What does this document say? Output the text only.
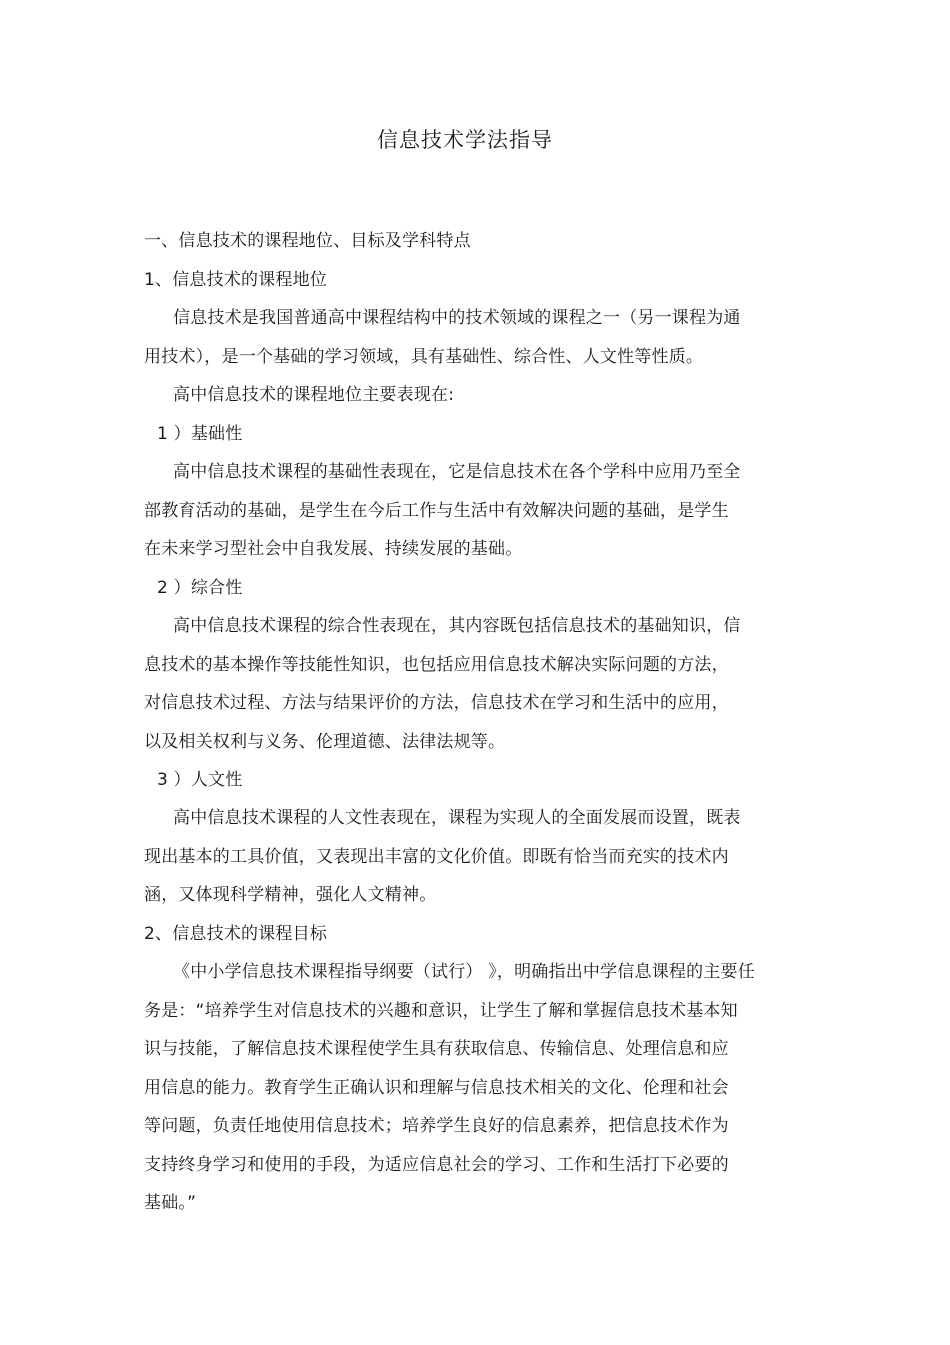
信息技术学法指导
一、信息技术的课程地位、目标及学科特点
1、信息技术的课程地位
信息技术是我国普通高中课程结构中的技术领域的课程之一（另一课程为通
用技术），是一个基础的学习领域，具有基础性、综合性、人文性等性质。
高中信息技术的课程地位主要表现在:
1 ）基础性
高中信息技术课程的基础性表现在，它是信息技术在各个学科中应用乃至全
部教育活动的基础，是学生在今后工作与生活中有效解决问题的基础，是学生
在未来学习型社会中自我发展、持续发展的基础。
2 ）综合性
高中信息技术课程的综合性表现在，其内容既包括信息技术的基础知识，信
息技术的基本操作等技能性知识，也包括应用信息技术解决实际问题的方法，
对信息技术过程、方法与结果评价的方法，信息技术在学习和生活中的应用，
以及相关权利与义务、伦理道德、法律法规等。
3 ）人文性
高中信息技术课程的人文性表现在，课程为实现人的全面发展而设置，既表
现出基本的工具价值，又表现出丰富的文化价值。即既有恰当而充实的技术内
涵，又体现科学精神，强化人文精神。
2、信息技术的课程目标
《中小学信息技术课程指导纲要（试行） 》，明确指出中学信息课程的主要任
务是：“培养学生对信息技术的兴趣和意识，让学生了解和掌握信息技术基本知
识与技能，了解信息技术课程使学生具有获取信息、传输信息、处理信息和应
用信息的能力。教育学生正确认识和理解与信息技术相关的文化、伦理和社会
等问题，负责任地使用信息技术；培养学生良好的信息素养，把信息技术作为
支持终身学习和使用的手段，为适应信息社会的学习、工作和生活打下必要的
基础。”
